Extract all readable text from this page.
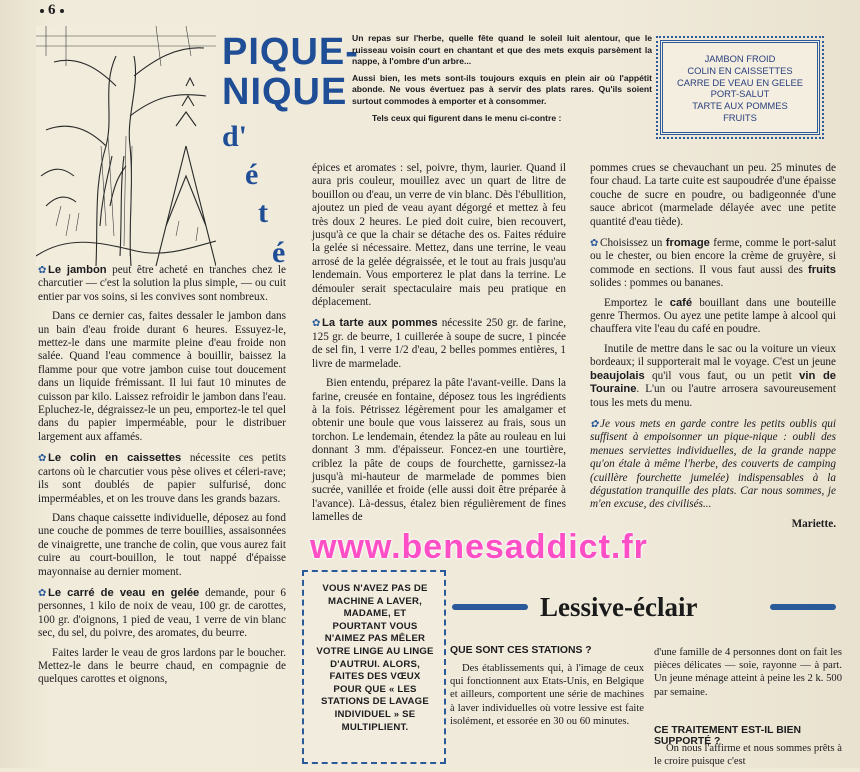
6
PIQUE-
NIQUE
d'
é
t
é

Un repas sur l'herbe, quelle fête quand le soleil luit alentour, que le ruisseau voisin court en chantant et que des mets exquis parsèment la nappe, à l'ombre d'un arbre...

Aussi bien, les mets sont-ils toujours exquis en plein air où l'appétit abonde. Ne vous évertuez pas à servir des plats rares. Qu'ils soient surtout commodes à emporter et à consommer.

Tels ceux qui figurent dans le menu ci-contre :

JAMBON FROID
COLIN EN CAISSETTES
CARRE DE VEAU EN GELEE
PORT-SALUT
TARTE AUX POMMES
FRUITS

✿ Le jambon peut être acheté en tranches chez le charcutier — c'est la solution la plus simple, — ou cuit entier par vos soins, si les convives sont nombreux.

Dans ce dernier cas, faites dessaler le jambon dans un bain d'eau froide durant 6 heures. Essuyez-le, mettez-le dans une marmite pleine d'eau froide non salée. Quand l'eau commence à bouillir, baissez la flamme pour que votre jambon cuise tout doucement dans un liquide frémissant. Il lui faut 10 minutes de cuisson par kilo. Laissez refroidir le jambon dans l'eau. Epluchez-le, dégraissez-le un peu, emportez-le tel quel dans du papier imperméable, pour le distribuer largement aux affamés.

✿ Le colin en caissettes nécessite ces petits cartons où le charcutier vous pèse olives et céleri-rave; ils sont doublés de papier sulfurisé, donc imperméables, et on les trouve dans les grands bazars.

Dans chaque caissette individuelle, déposez au fond une couche de pommes de terre bouillies, assaisonnées de vinaigrette, une tranche de colin, que vous aurez fait cuire au court-bouillon, le tout nappé d'épaisse mayonnaise au dernier moment.

✿ Le carré de veau en gelée demande, pour 6 personnes, 1 kilo de noix de veau, 100 gr. de carottes, 100 gr. d'oignons, 1 pied de veau, 1 verre de vin blanc sec, du sel, du poivre, des aromates, du beurre.

Faites larder le veau de gros lardons par le boucher. Mettez-le dans le beurre chaud, en compagnie de quelques carottes et oignons,

épices et aromates : sel, poivre, thym, laurier. Quand il aura pris couleur, mouillez avec un quart de litre de bouillon ou d'eau, un verre de vin blanc. Dès l'ébullition, ajoutez un pied de veau ayant dégorgé et mettez à feu très doux 2 heures. Le pied doit cuire, bien recouvert, jusqu'à ce que la chair se détache des os. Faites réduire la gelée si nécessaire. Mettez, dans une terrine, le veau arrosé de la gelée dégraissée, et le tout au frais jusqu'au lendemain. Vous emporterez le plat dans la terrine. Le démouler serait spectaculaire mais peu pratique en déplacement.

✿ La tarte aux pommes nécessite 250 gr. de farine, 125 gr. de beurre, 1 cuillerée à soupe de sucre, 1 pincée de sel fin, 1 verre 1/2 d'eau, 2 belles pommes entières, 1 livre de marmelade.

Bien entendu, préparez la pâte l'avant-veille. Dans la farine, creusée en fontaine, déposez tous les ingrédients à la fois. Pétrissez légèrement pour les amalgamer et obtenir une boule que vous laisserez au frais, sous un torchon. Le lendemain, étendez la pâte au rouleau en lui donnant 3 mm. d'épaisseur. Foncez-en une tourtière, criblez la pâte de coups de fourchette, garnissez-la jusqu'à mi-hauteur de marmelade de pommes bien sucrée, vanillée et froide (elle aussi doit être préparée à l'avance). Là-dessus, étalez bien régulièrement de fines lamelles de

pommes crues se chevauchant un peu. 25 minutes de four chaud. La tarte cuite est saupoudrée d'une épaisse couche de sucre en poudre, ou badigeonnée d'une sauce abricot (marmelade délayée avec une petite quantité d'eau tiède).

✿ Choisissez un fromage ferme, comme le port-salut ou le chester, ou bien encore la crème de gruyère, si commode en sections. Il vous faut aussi des fruits solides : pommes ou bananes.

Emportez le café bouillant dans une bouteille genre Thermos. Ou ayez une petite lampe à alcool qui chauffera vite l'eau du café en poudre.

Inutile de mettre dans le sac ou la voiture un vieux bordeaux; il supporterait mal le voyage. C'est un jeune beaujolais qu'il vous faut, ou un petit vin de Touraine. L'un ou l'autre arrosera savoureusement tous les mets du menu.

✿ Je vous mets en garde contre les petits oublis qui suffisent à empoisonner un pique-nique : oubli des menues serviettes individuelles, de la grande nappe qu'on étale à même l'herbe, des couverts de camping (cuillère fourchette jumelée) indispensables à la dégustation tranquille des plats. Car nous sommes, je m'en excuse, des civilisés...

Mariette.
www.benesaddict.fr
VOUS N'AVEZ PAS DE MACHINE A LAVER, MADAME, ET POURTANT VOUS N'AIMEZ PAS MÊLER VOTRE LINGE AU LINGE D'AUTRUI. ALORS, FAITES DES VŒUX POUR QUE « LES STATIONS DE LAVAGE INDIVIDUEL » SE MULTIPLIENT.
Lessive-éclair
QUE SONT CES STATIONS ?

Des établissements qui, à l'image de ceux qui fonctionnent aux Etats-Unis, en Belgique et ailleurs, comportent une série de machines à laver individuelles où votre lessive est faite isolément, et essorée en 30 ou 60 minutes.

d'une famille de 4 personnes dont on fait les pièces délicates — soie, rayonne — à part. Un jeune ménage atteint à peine les 2 k. 500 par semaine.

CE TRAITEMENT EST-IL BIEN SUPPORTÉ ?

On nous l'affirme et nous sommes prêts à le croire puisque c'est
